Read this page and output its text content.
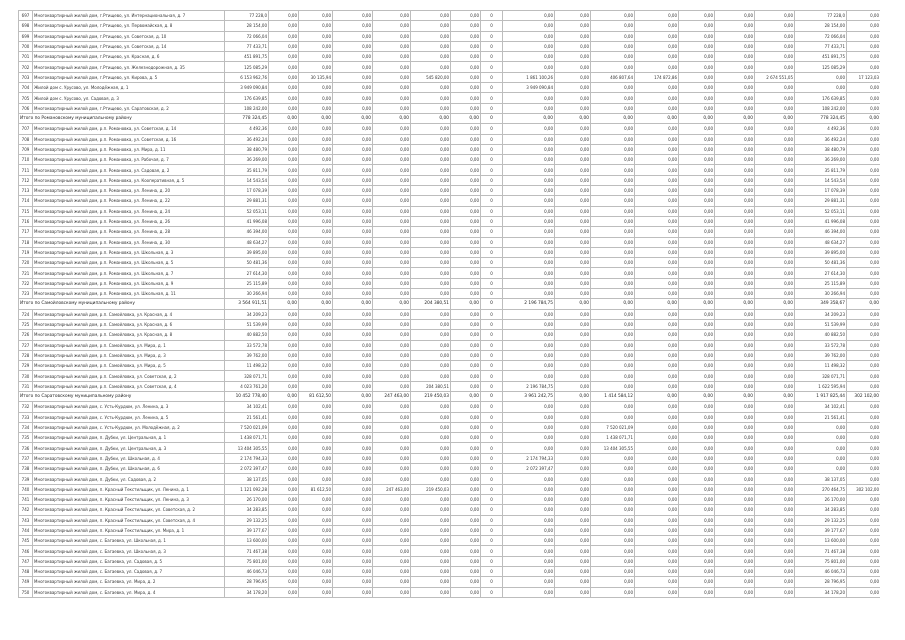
697	Многоквартирный жилой дом, г.Ртищево, ул. Интернациональная, д. 7	77 228,0	0,00	0,00	0,00	0,00	0,00	0,00	0	0,00	0,00	0,00	0,00	0,00	0,00	0,00	77 228,0	0,00
698	Многоквартирный жилой дом, г.Ртищево, ул. Первомайская, д. 8	28 154,00	0,00	0,00	0,00	0,00	0,00	0,00	0	0,00	0,00	0,00	0,00	0,00	0,00	0,00	28 154,00	0,00
699	Многоквартирный жилой дом, г.Ртищево, ул. Советская, д. 10	72 066,04	0,00	0,00	0,00	0,00	0,00	0,00	0	0,00	0,00	0,00	0,00	0,00	0,00	0,00	72 066,04	0,00
700	Многоквартирный жилой дом, г.Ртищево, ул. Советская, д. 14	77 433,71	0,00	0,00	0,00	0,00	0,00	0,00	0	0,00	0,00	0,00	0,00	0,00	0,00	0,00	77 433,71	0,00
701	Многоквартирный жилой дом, г.Ртищево, ул. Красная, д. 6	451 891,75	0,00	0,00	0,00	0,00	0,00	0,00	0	0,00	0,00	0,00	0,00	0,00	0,00	0,00	451 891,75	0,00
702	Многоквартирный жилой дом, г.Ртищево, ул. Железнодорожная, д. 35	125 085,29	0,00	0,00	0,00	0,00	0,00	0,00	0	0,00	0,00	0,00	0,00	0,00	0,00	0,00	125 085,29	0,00
703	Многоквартирный жилой дом, г.Ртищево, ул. Кирова, д. 5	6 153 962,76	0,00	30 135,94	0,00	0,00	545 820,00	0,00	0	1 861 100,26	0,00	406 807,64	174 872,86	0,00	0,00	2 674 551,05	0,00	17 123,03
704	Жилой дом с. Урусово, ул. Молодёжная, д. 1	3 949 090,84	0,00	0,00	0,00	0,00	0,00	0,00	0	3 949 090,84	0,00	0,00	0,00	0,00	0,00	0,00	0,00	0,00
705	Жилой дом с. Урусово, ул. Садовая, д. 3	176 639,85	0,00	0,00	0,00	0,00	0,00	0,00	0	0,00	0,00	0,00	0,00	0,00	0,00	0,00	176 639,85	0,00
706	Многоквартирный жилой дом, г.Ртищево, ул. Саратовская, д. 2	108 242,00	0,00	0,00	0,00	0,00	0,00	0,00	0	0,00	0,00	0,00	0,00	0,00	0,00	0,00	108 242,00	0,00
Итого по Романовскому муниципальному району		778 324,45	0,00	0,00	0,00	0,00	0,00	0,00	0	0,00	0,00	0,00	0,00	0,00	0,00	0,00	778 324,45	0,00
707	Многоквартирный жилой дом, р.п. Романовка, ул. Советская, д. 14	4 492,36	0,00	0,00	0,00	0,00	0,00	0,00	0	0,00	0,00	0,00	0,00	0,00	0,00	0,00	4 492,36	0,00
708	Многоквартирный жилой дом, р.п. Романовка, ул. Советская, д. 16	36 492,24	0,00	0,00	0,00	0,00	0,00	0,00	0	0,00	0,00	0,00	0,00	0,00	0,00	0,00	36 492,24	0,00
709	Многоквартирный жилой дом, р.п. Романовка, ул. Мира, д. 11	38 480,79	0,00	0,00	0,00	0,00	0,00	0,00	0	0,00	0,00	0,00	0,00	0,00	0,00	0,00	38 480,79	0,00
710	Многоквартирный жилой дом, р.п. Романовка, ул. Рабочая, д. 7	36 269,00	0,00	0,00	0,00	0,00	0,00	0,00	0	0,00	0,00	0,00	0,00	0,00	0,00	0,00	36 269,00	0,00
711	Многоквартирный жилой дом, р.п. Романовка, ул. Садовая, д. 2	35 811,79	0,00	0,00	0,00	0,00	0,00	0,00	0	0,00	0,00	0,00	0,00	0,00	0,00	0,00	35 811,79	0,00
712	Многоквартирный жилой дом, р.п. Романовка, ул. Кооперативная, д. 5	14 543,54	0,00	0,00	0,00	0,00	0,00	0,00	0	0,00	0,00	0,00	0,00	0,00	0,00	0,00	14 543,54	0,00
713	Многоквартирный жилой дом, р.п. Романовка, ул. Ленина, д. 20	17 078,39	0,00	0,00	0,00	0,00	0,00	0,00	0	0,00	0,00	0,00	0,00	0,00	0,00	0,00	17 078,39	0,00
714	Многоквартирный жилой дом, р.п. Романовка, ул. Ленина, д. 22	29 881,31	0,00	0,00	0,00	0,00	0,00	0,00	0	0,00	0,00	0,00	0,00	0,00	0,00	0,00	29 881,31	0,00
715	Многоквартирный жилой дом, р.п. Романовка, ул. Ленина, д. 24	52 053,11	0,00	0,00	0,00	0,00	0,00	0,00	0	0,00	0,00	0,00	0,00	0,00	0,00	0,00	52 053,11	0,00
716	Многоквартирный жилой дом, р.п. Романовка, ул. Ленина, д. 26	41 996,08	0,00	0,00	0,00	0,00	0,00	0,00	0	0,00	0,00	0,00	0,00	0,00	0,00	0,00	41 996,08	0,00
717	Многоквартирный жилой дом, р.п. Романовка, ул. Ленина, д. 28	46 394,00	0,00	0,00	0,00	0,00	0,00	0,00	0	0,00	0,00	0,00	0,00	0,00	0,00	0,00	46 394,00	0,00
718	Многоквартирный жилой дом, р.п. Романовка, ул. Ленина, д. 30	48 634,27	0,00	0,00	0,00	0,00	0,00	0,00	0	0,00	0,00	0,00	0,00	0,00	0,00	0,00	48 634,27	0,00
719	Многоквартирный жилой дом, р.п. Романовка, ул. Школьная, д. 3	39 895,00	0,00	0,00	0,00	0,00	0,00	0,00	0	0,00	0,00	0,00	0,00	0,00	0,00	0,00	39 895,00	0,00
720	Многоквартирный жилой дом, р.п. Романовка, ул. Школьная, д. 5	50 481,36	0,00	0,00	0,00	0,00	0,00	0,00	0	0,00	0,00	0,00	0,00	0,00	0,00	0,00	50 481,36	0,00
721	Многоквартирный жилой дом, р.п. Романовка, ул. Школьная, д. 7	27 614,30	0,00	0,00	0,00	0,00	0,00	0,00	0	0,00	0,00	0,00	0,00	0,00	0,00	0,00	27 614,30	0,00
722	Многоквартирный жилой дом, р.п. Романовка, ул. Школьная, д. 9	25 115,89	0,00	0,00	0,00	0,00	0,00	0,00	0	0,00	0,00	0,00	0,00	0,00	0,00	0,00	25 115,89	0,00
723	Многоквартирный жилой дом, р.п. Романовка, ул. Школьная, д. 11	30 266,94	0,00	0,00	0,00	0,00	0,00	0,00	0	0,00	0,00	0,00	0,00	0,00	0,00	0,00	30 266,94	0,00
Итого по Самойловскому муниципальному району		3 564 911,51	0,00	0,00	0,00	0,00	204 380,51	0,00	0	2 196 784,75	0,00	0,00	0,00	0,00	0,00	0,00	349 358,67	0,00
724	Многоквартирный жилой дом, р.п. Самойловка, ул. Красная, д. 4	34 209,23	0,00	0,00	0,00	0,00	0,00	0,00	0	0,00	0,00	0,00	0,00	0,00	0,00	0,00	34 209,23	0,00
725	Многоквартирный жилой дом, р.п. Самойловка, ул. Красная, д. 6	51 539,99	0,00	0,00	0,00	0,00	0,00	0,00	0	0,00	0,00	0,00	0,00	0,00	0,00	0,00	51 539,99	0,00
726	Многоквартирный жилой дом, р.п. Самойловка, ул. Красная, д. 8	40 882,50	0,00	0,00	0,00	0,00	0,00	0,00	0	0,00	0,00	0,00	0,00	0,00	0,00	0,00	40 882,50	0,00
727	Многоквартирный жилой дом, р.п. Самойловка, ул. Мира, д. 1	33 572,78	0,00	0,00	0,00	0,00	0,00	0,00	0	0,00	0,00	0,00	0,00	0,00	0,00	0,00	33 572,78	0,00
728	Многоквартирный жилой дом, р.п. Самойловка, ул. Мира, д. 3	39 762,00	0,00	0,00	0,00	0,00	0,00	0,00	0	0,00	0,00	0,00	0,00	0,00	0,00	0,00	39 762,00	0,00
729	Многоквартирный жилой дом, р.п. Самойловка, ул. Мира, д. 5	11 498,32	0,00	0,00	0,00	0,00	0,00	0,00	0	0,00	0,00	0,00	0,00	0,00	0,00	0,00	11 498,32	0,00
730	Многоквартирный жилой дом, р.п. Самойловка, ул. Советская, д. 2	328 071,71	0,00	0,00	0,00	0,00	0,00	0,00	0	0,00	0,00	0,00	0,00	0,00	0,00	0,00	328 071,71	0,00
731	Многоквартирный жилой дом, р.п. Самойловка, ул. Советская, д. 4	4 023 761,20	0,00	0,00	0,00	0,00	204 380,51	0,00	0	2 196 784,75	0,00	0,00	0,00	0,00	0,00	0,00	1 622 595,94	0,00
Итого по Саратовскому муниципальному району		10 452 778,40	0,00	81 612,50	0,00	247 463,00	219 450,03	0,00	0	3 961 242,75	0,00	1 414 584,12	0,00	0,00	0,00	0,00	1 917 825,44	302 102,00
732	Многоквартирный жилой дом, с. Усть-Курдюм, ул. Ленина, д. 3	34 102,41	0,00	0,00	0,00	0,00	0,00	0,00	0	0,00	0,00	0,00	0,00	0,00	0,00	0,00	34 102,41	0,00
733	Многоквартирный жилой дом, с. Усть-Курдюм, ул. Ленина, д. 5	21 561,41	0,00	0,00	0,00	0,00	0,00	0,00	0	0,00	0,00	0,00	0,00	0,00	0,00	0,00	21 561,41	0,00
734	Многоквартирный жилой дом, с. Усть-Курдюм, ул. Молодёжная, д. 2	7 520 021,09	0,00	0,00	0,00	0,00	0,00	0,00	0	0,00	0,00	7 520 021,09	0,00	0,00	0,00	0,00	0,00	0,00
735	Многоквартирный жилой дом, п. Дубки, ул. Центральная, д. 1	1 438 071,71	0,00	0,00	0,00	0,00	0,00	0,00	0	0,00	0,00	1 438 071,71	0,00	0,00	0,00	0,00	0,00	0,00
736	Многоквартирный жилой дом, п. Дубки, ул. Центральная, д. 3	13 404 305,55	0,00	0,00	0,00	0,00	0,00	0,00	0	0,00	0,00	13 404 305,55	0,00	0,00	0,00	0,00	0,00	0,00
737	Многоквартирный жилой дом, п. Дубки, ул. Школьная, д. 4	2 174 794,33	0,00	0,00	0,00	0,00	0,00	0,00	0	2 174 794,33	0,00	0,00	0,00	0,00	0,00	0,00	0,00	0,00
738	Многоквартирный жилой дом, п. Дубки, ул. Школьная, д. 6	2 072 397,47	0,00	0,00	0,00	0,00	0,00	0,00	0	2 072 397,47	0,00	0,00	0,00	0,00	0,00	0,00	0,00	0,00
739	Многоквартирный жилой дом, п. Дубки, ул. Садовая, д. 2	38 137,05	0,00	0,00	0,00	0,00	0,00	0,00	0	0,00	0,00	0,00	0,00	0,00	0,00	0,00	38 137,05	0,00
740	Многоквартирный жилой дом, п. Красный Текстильщик, ул. Ленина, д. 1	1 121 092,28	0,00	81 612,50	0,00	247 463,00	219 450,03	0,00	0	0,00	0,00	0,00	0,00	0,00	0,00	0,00	270 464,75	302 102,00
741	Многоквартирный жилой дом, п. Красный Текстильщик, ул. Ленина, д. 3	26 170,00	0,00	0,00	0,00	0,00	0,00	0,00	0	0,00	0,00	0,00	0,00	0,00	0,00	0,00	26 170,00	0,00
742	Многоквартирный жилой дом, п. Красный Текстильщик, ул. Советская, д. 2	34 283,85	0,00	0,00	0,00	0,00	0,00	0,00	0	0,00	0,00	0,00	0,00	0,00	0,00	0,00	34 283,85	0,00
743	Многоквартирный жилой дом, п. Красный Текстильщик, ул. Советская, д. 4	29 132,25	0,00	0,00	0,00	0,00	0,00	0,00	0	0,00	0,00	0,00	0,00	0,00	0,00	0,00	29 132,25	0,00
744	Многоквартирный жилой дом, п. Красный Текстильщик, ул. Мира, д. 1	39 177,67	0,00	0,00	0,00	0,00	0,00	0,00	0	0,00	0,00	0,00	0,00	0,00	0,00	0,00	39 177,67	0,00
745	Многоквартирный жилой дом, с. Багаевка, ул. Школьная, д. 1	13 600,00	0,00	0,00	0,00	0,00	0,00	0,00	0	0,00	0,00	0,00	0,00	0,00	0,00	0,00	13 600,00	0,00
746	Многоквартирный жилой дом, с. Багаевка, ул. Школьная, д. 3	71 467,38	0,00	0,00	0,00	0,00	0,00	0,00	0	0,00	0,00	0,00	0,00	0,00	0,00	0,00	71 467,38	0,00
747	Многоквартирный жилой дом, с. Багаевка, ул. Садовая, д. 5	75 801,00	0,00	0,00	0,00	0,00	0,00	0,00	0	0,00	0,00	0,00	0,00	0,00	0,00	0,00	75 801,00	0,00
748	Многоквартирный жилой дом, с. Багаевка, ул. Садовая, д. 7	46 046,73	0,00	0,00	0,00	0,00	0,00	0,00	0	0,00	0,00	0,00	0,00	0,00	0,00	0,00	46 046,73	0,00
749	Многоквартирный жилой дом, с. Багаевка, ул. Мира, д. 2	28 796,95	0,00	0,00	0,00	0,00	0,00	0,00	0	0,00	0,00	0,00	0,00	0,00	0,00	0,00	28 796,95	0,00
750	Многоквартирный жилой дом, с. Багаевка, ул. Мира, д. 4	34 178,20	0,00	0,00	0,00	0,00	0,00	0,00	0	0,00	0,00	0,00	0,00	0,00	0,00	0,00	34 178,20	0,00
